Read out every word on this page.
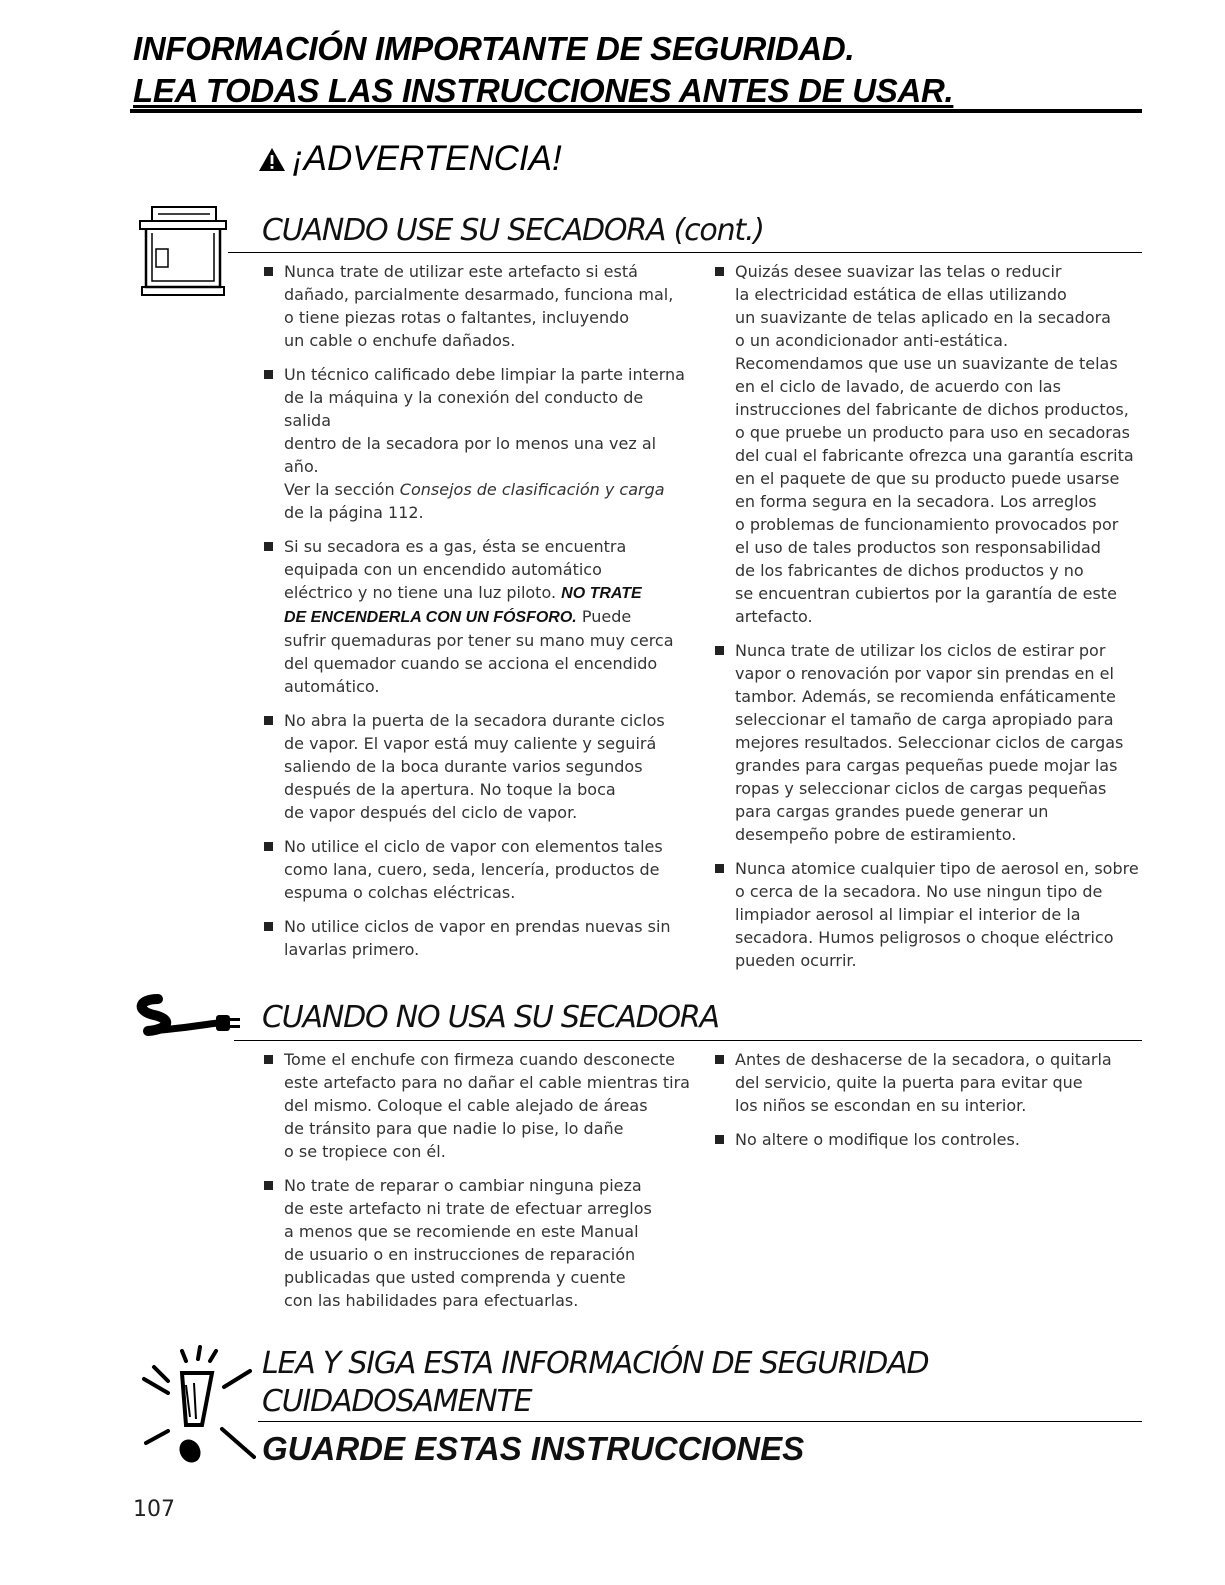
INFORMACIÓN IMPORTANTE DE SEGURIDAD.
LEA TODAS LAS INSTRUCCIONES ANTES DE USAR.
¡ADVERTENCIA!
CUANDO USE SU SECADORA (cont.)
Nunca trate de utilizar este artefacto si está
dañado, parcialmente desarmado, funciona mal,
o tiene piezas rotas o faltantes, incluyendo
un cable o enchufe dañados.
Un técnico calificado debe limpiar la parte interna
de la máquina y la conexión del conducto de salida
dentro de la secadora por lo menos una vez al año.
Ver la sección Consejos de clasificación y carga
de la página 112.
Si su secadora es a gas, ésta se encuentra
equipada con un encendido automático
eléctrico y no tiene una luz piloto. NO TRATE
DE ENCENDERLA CON UN FÓSFORO. Puede
sufrir quemaduras por tener su mano muy cerca
del quemador cuando se acciona el encendido
automático.
No abra la puerta de la secadora durante ciclos
de vapor. El vapor está muy caliente y seguirá
saliendo de la boca durante varios segundos
después de la apertura. No toque la boca
de vapor después del ciclo de vapor.
No utilice el ciclo de vapor con elementos tales
como lana, cuero, seda, lencería, productos de
espuma o colchas eléctricas.
No utilice ciclos de vapor en prendas nuevas sin
lavarlas primero.
Quizás desee suavizar las telas o reducir
la electricidad estática de ellas utilizando
un suavizante de telas aplicado en la secadora
o un acondicionador anti-estática.
Recomendamos que use un suavizante de telas
en el ciclo de lavado, de acuerdo con las
instrucciones del fabricante de dichos productos,
o que pruebe un producto para uso en secadoras
del cual el fabricante ofrezca una garantía escrita
en el paquete de que su producto puede usarse
en forma segura en la secadora. Los arreglos
o problemas de funcionamiento provocados por
el uso de tales productos son responsabilidad
de los fabricantes de dichos productos y no
se encuentran cubiertos por la garantía de este
artefacto.
Nunca trate de utilizar los ciclos de estirar por
vapor o renovación por vapor sin prendas en el
tambor. Además, se recomienda enfáticamente
seleccionar el tamaño de carga apropiado para
mejores resultados. Seleccionar ciclos de cargas
grandes para cargas pequeñas puede mojar las
ropas y seleccionar ciclos de cargas pequeñas
para cargas grandes puede generar un
desempeño pobre de estiramiento.
Nunca atomice cualquier tipo de aerosol en, sobre
o cerca de la secadora. No use ningun tipo de
limpiador aerosol al limpiar el interior de la
secadora. Humos peligrosos o choque eléctrico
pueden ocurrir.
CUANDO NO USA SU SECADORA
Tome el enchufe con firmeza cuando desconecte
este artefacto para no dañar el cable mientras tira
del mismo. Coloque el cable alejado de áreas
de tránsito para que nadie lo pise, lo dañe
o se tropiece con él.
No trate de reparar o cambiar ninguna pieza
de este artefacto ni trate de efectuar arreglos
a menos que se recomiende en este Manual
de usuario o en instrucciones de reparación
publicadas que usted comprenda y cuente
con las habilidades para efectuarlas.
Antes de deshacerse de la secadora, o quitarla
del servicio, quite la puerta para evitar que
los niños se escondan en su interior.
No altere o modifique los controles.
LEA Y SIGA ESTA INFORMACIÓN DE SEGURIDAD
CUIDADOSAMENTE
GUARDE ESTAS INSTRUCCIONES
107
